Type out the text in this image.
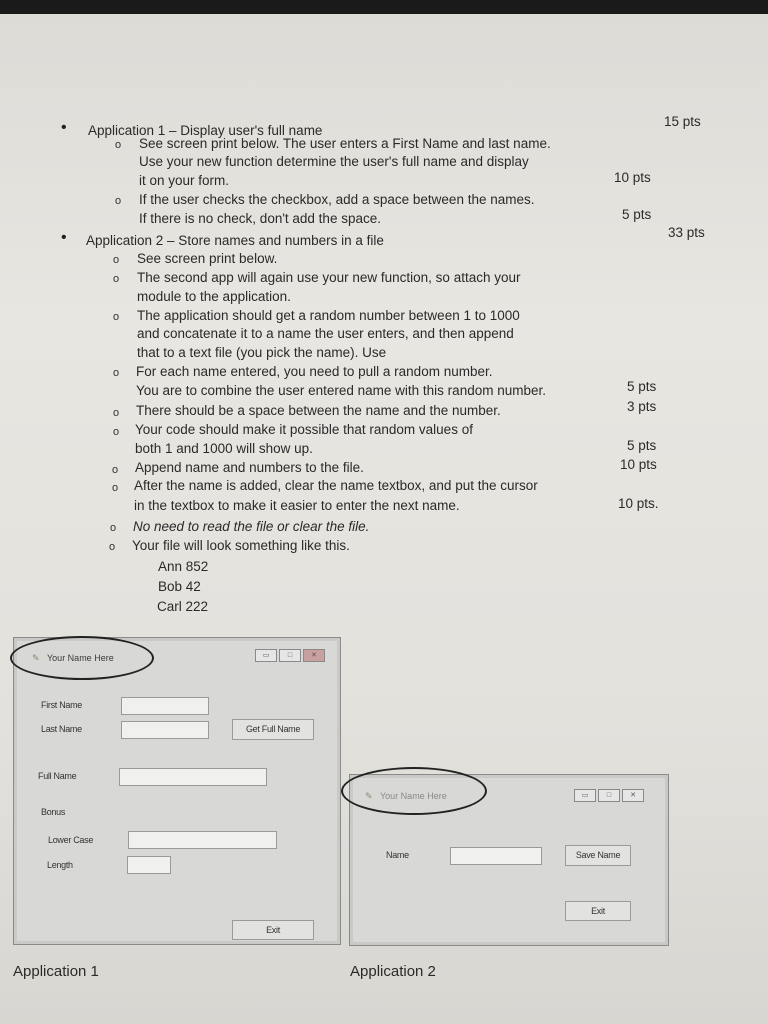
• Application 1 – Display user's full name
15 pts
o See screen print below. The user enters a First Name and last name.
Use your new function determine the user's full name and display
it on your form.	10 pts
o If the user checks the checkbox, add a space between the names.
If there is no check, don't add the space.	5 pts
• Application 2 – Store names and numbers in a file
33 pts
o See screen print below.
o The second app will again use your new function, so attach your
module to the application.
o The application should get a random number between 1 to 1000
and concatenate it to a name the user enters, and then append
that to a text file (you pick the name). Use
o For each name entered, you need to pull a random number.
You are to combine the user entered name with this random number.	5 pts
o There should be a space between the name and the number.	3 pts
o Your code should make it possible that random values of
both 1 and 1000 will show up.	5 pts
o Append name and numbers to the file.	10 pts
o After the name is added, clear the name textbox, and put the cursor
in the textbox to make it easier to enter the next name.	10 pts.
o No need to read the file or clear the file.
o Your file will look something like this.
Ann 852
Bob 42
Carl 222
✎ Your Name Here	▭	□	✕
First Name
Last Name	Get Full Name
Full Name
Bonus
Lower Case
Length
Exit
Application 1
✎ Your Name Here	▭	□	✕
Name	Save Name
Exit
Application 2
